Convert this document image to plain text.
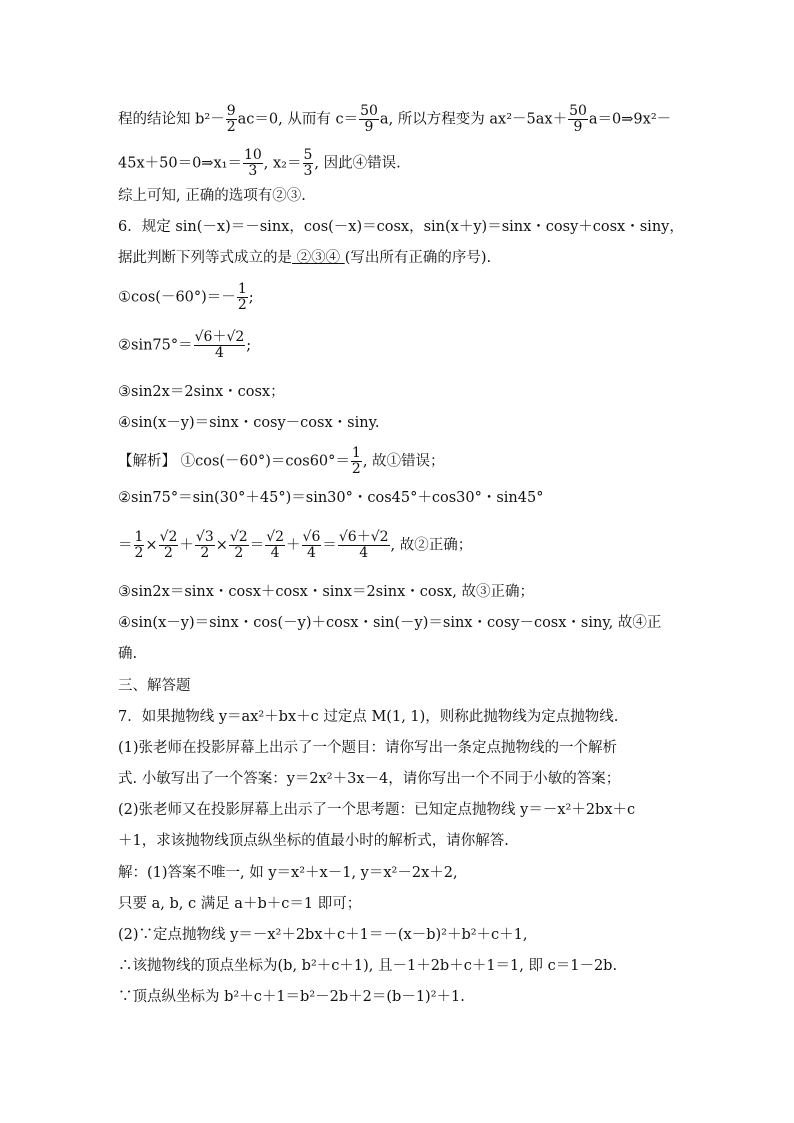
程的结论知 $b^2- \frac{9}{2} ac=0$, 从而有 $c= \frac{50}{9} a$, 所以方程变为 $ax^2-5ax+ \frac{50}{9}$ a＝0⇒9x²－
45x＋50＝0⇒x₁＝ $\frac{10}{3}$ , $x_2= \frac{5}{3}$ , 因此④错误.
综上可知, 正确的选项有②③.
6．规定 sin(－x)＝－sinx，cos(－x)＝cosx，sin(x＋y)＝sinx・cosy＋cosx・siny，
据此判断下列等式成立的是 ②③④ (写出所有正确的序号).
①cos(－60°)＝－ $\frac{1}{2}$ ;
②sin75°＝ $\frac{√6+√2}{4}$ ;
③sin2x＝2sinx・cosx；
④sin(x－y)＝sinx・cosy－cosx・siny.
【解析】 ①cos(－60°)＝cos60°＝ $\frac{1}{2}$ , 故①错误；
②sin75°＝sin(30°＋45°)＝sin30°・cos45°＋cos30°・sin45°
＝ $\frac{1}{2} \times \frac{√2}{2} + \frac{√3}{2} \times \frac{√2}{2} = \frac{√2}{4} + \frac{√6}{4} = \frac{√6+√2}{4}$ , 故②正确；
③sin2x＝sinx・cosx＋cosx・sinx＝2sinx・cosx, 故③正确；
④sin(x－y)＝sinx・cos(－y)＋cosx・sin(－y)＝sinx・cosy－cosx・siny, 故④正
确.
三、解答题
7．如果抛物线 y＝ax²＋bx＋c 过定点 M(1, 1)，则称此抛物线为定点抛物线.
(1)张老师在投影屏幕上出示了一个题目：请你写出一条定点抛物线的一个解析
式. 小敏写出了一个答案：y＝2x²＋3x－4，请你写出一个不同于小敏的答案；
(2)张老师又在投影屏幕上出示了一个思考题：已知定点抛物线 y＝－x²＋2bx＋c
＋1，求该抛物线顶点纵坐标的值最小时的解析式，请你解答.
解：(1)答案不唯一, 如 y＝x²＋x－1, y＝x²－2x＋2,
只要 a, b, c 满足 a＋b＋c＝1 即可；
(2)∵定点抛物线 y＝－x²＋2bx＋c＋1＝－(x－b)²＋b²＋c＋1,
∴该抛物线的顶点坐标为(b, b²＋c＋1), 且－1＋2b＋c＋1＝1, 即 c＝1－2b.
∵顶点纵坐标为 b²＋c＋1＝b²－2b＋2＝(b－1)²＋1.
